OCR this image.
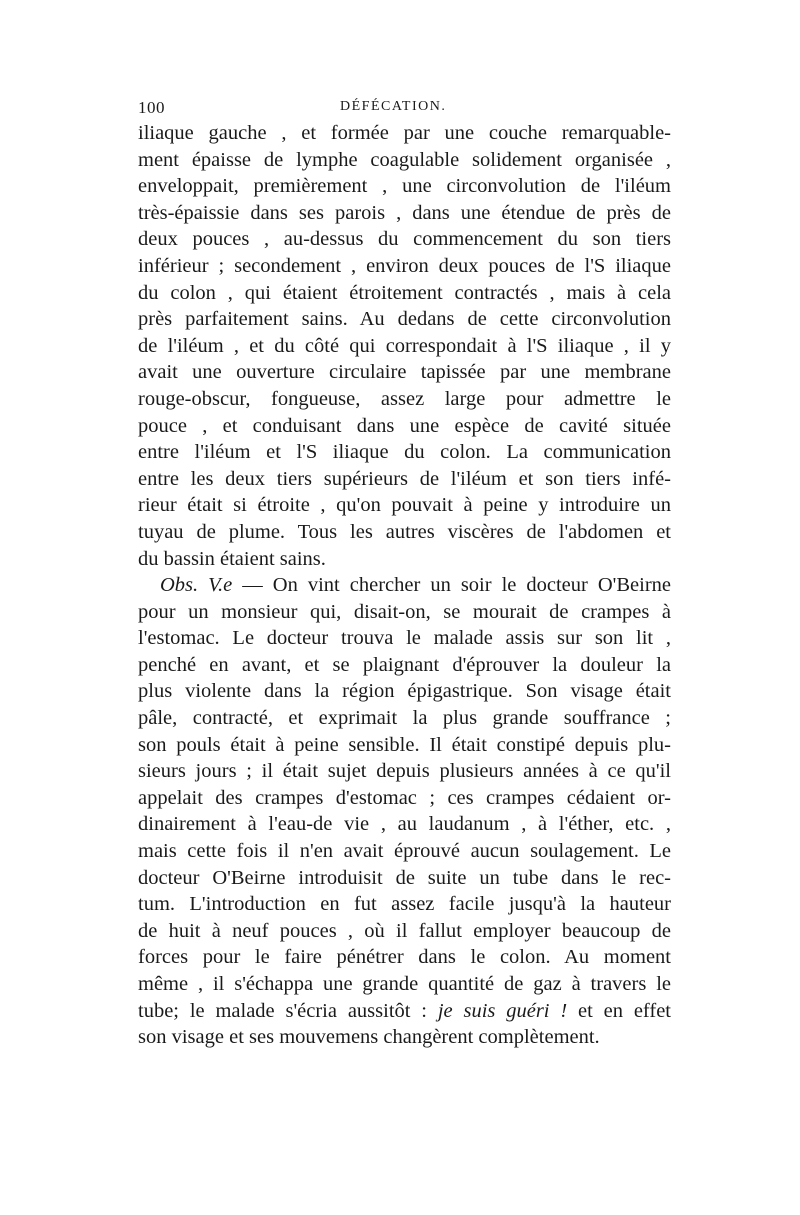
100	DÉFÉCATION.
iliaque gauche , et formée par une couche remarquable-
ment épaisse de lymphe coagulable solidement organisée ,
enveloppait, premièrement , une circonvolution de l'iléum
très-épaissie dans ses parois , dans une étendue de près de
deux pouces , au-dessus du commencement du son tiers
inférieur ; secondement , environ deux pouces de l'S iliaque
du colon , qui étaient étroitement contractés , mais à cela
près parfaitement sains. Au dedans de cette circonvolution
de l'iléum , et du côté qui correspondait à l'S iliaque , il y
avait une ouverture circulaire tapissée par une membrane
rouge-obscur, fongueuse, assez large pour admettre le
pouce , et conduisant dans une espèce de cavité située
entre l'iléum et l'S iliaque du colon. La communication
entre les deux tiers supérieurs de l'iléum et son tiers infé-
rieur était si étroite , qu'on pouvait à peine y introduire un
tuyau de plume. Tous les autres viscères de l'abdomen et
du bassin étaient sains.
Obs. V.e — On vint chercher un soir le docteur O'Beirne
pour un monsieur qui, disait-on, se mourait de crampes à
l'estomac. Le docteur trouva le malade assis sur son lit ,
penché en avant, et se plaignant d'éprouver la douleur la
plus violente dans la région épigastrique. Son visage était
pâle, contracté, et exprimait la plus grande souffrance ;
son pouls était à peine sensible. Il était constipé depuis plu-
sieurs jours ; il était sujet depuis plusieurs années à ce qu'il
appelait des crampes d'estomac ; ces crampes cédaient or-
dinairement à l'eau-de vie , au laudanum , à l'éther, etc. ,
mais cette fois il n'en avait éprouvé aucun soulagement. Le
docteur O'Beirne introduisit de suite un tube dans le rec-
tum. L'introduction en fut assez facile jusqu'à la hauteur
de huit à neuf pouces , où il fallut employer beaucoup de
forces pour le faire pénétrer dans le colon. Au moment
même , il s'échappa une grande quantité de gaz à travers le
tube; le malade s'écria aussitôt : je suis guéri ! et en effet
son visage et ses mouvemens changèrent complètement.
